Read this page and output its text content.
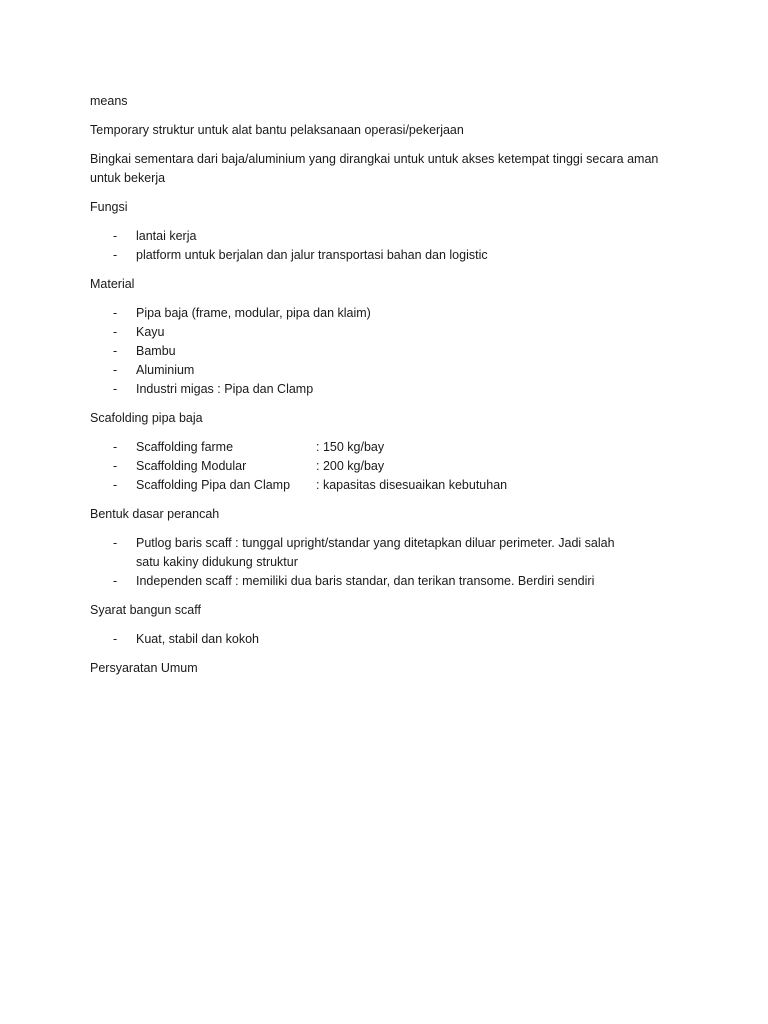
means

Temporary struktur untuk alat bantu pelaksanaan operasi/pekerjaan

Bingkai sementara dari baja/aluminium yang dirangkai untuk untuk akses ketempat tinggi secara aman untuk bekerja

Fungsi

- lantai kerja
- platform untuk berjalan dan jalur transportasi bahan dan logistic

Material

- Pipa baja (frame, modular, pipa dan klaim)
- Kayu
- Bambu
- Aluminium
- Industri migas : Pipa dan Clamp

Scafolding pipa baja

- Scaffolding farme	: 150 kg/bay
- Scaffolding Modular	: 200 kg/bay
- Scaffolding Pipa dan Clamp : kapasitas disesuaikan kebutuhan

Bentuk dasar perancah

- Putlog baris scaff : tunggal upright/standar yang ditetapkan diluar perimeter. Jadi salah satu kakiny didukung struktur
- Independen scaff : memiliki dua baris standar, dan terikan transome. Berdiri sendiri

Syarat bangun scaff

- Kuat, stabil dan kokoh

Persyaratan Umum
